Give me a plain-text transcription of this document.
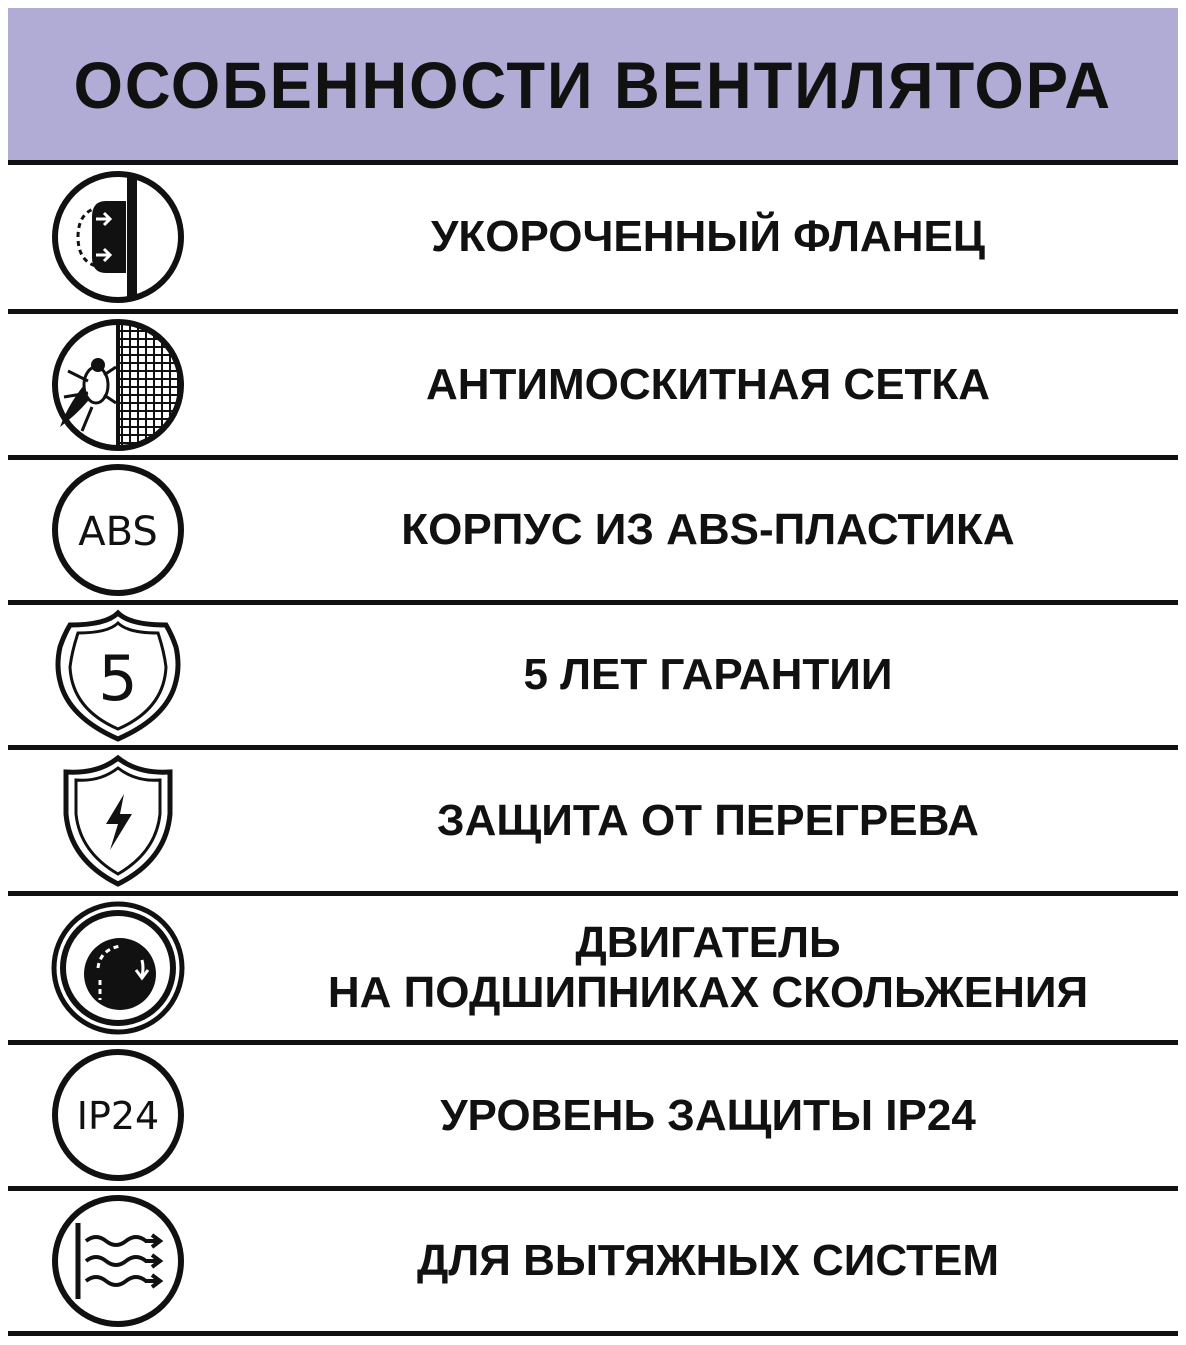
ОСОБЕННОСТИ ВЕНТИЛЯТОРА
УКОРОЧЕННЫЙ ФЛАНЕЦ
АНТИМОСКИТНАЯ СЕТКА
ABS	КОРПУС ИЗ ABS-ПЛАСТИКА
5	5 ЛЕТ ГАРАНТИИ
ЗАЩИТА ОТ ПЕРЕГРЕВА
ДВИГАТЕЛЬ
НА ПОДШИПНИКАХ СКОЛЬЖЕНИЯ
IP24	УРОВЕНЬ ЗАЩИТЫ IP24
ДЛЯ ВЫТЯЖНЫХ СИСТЕМ
